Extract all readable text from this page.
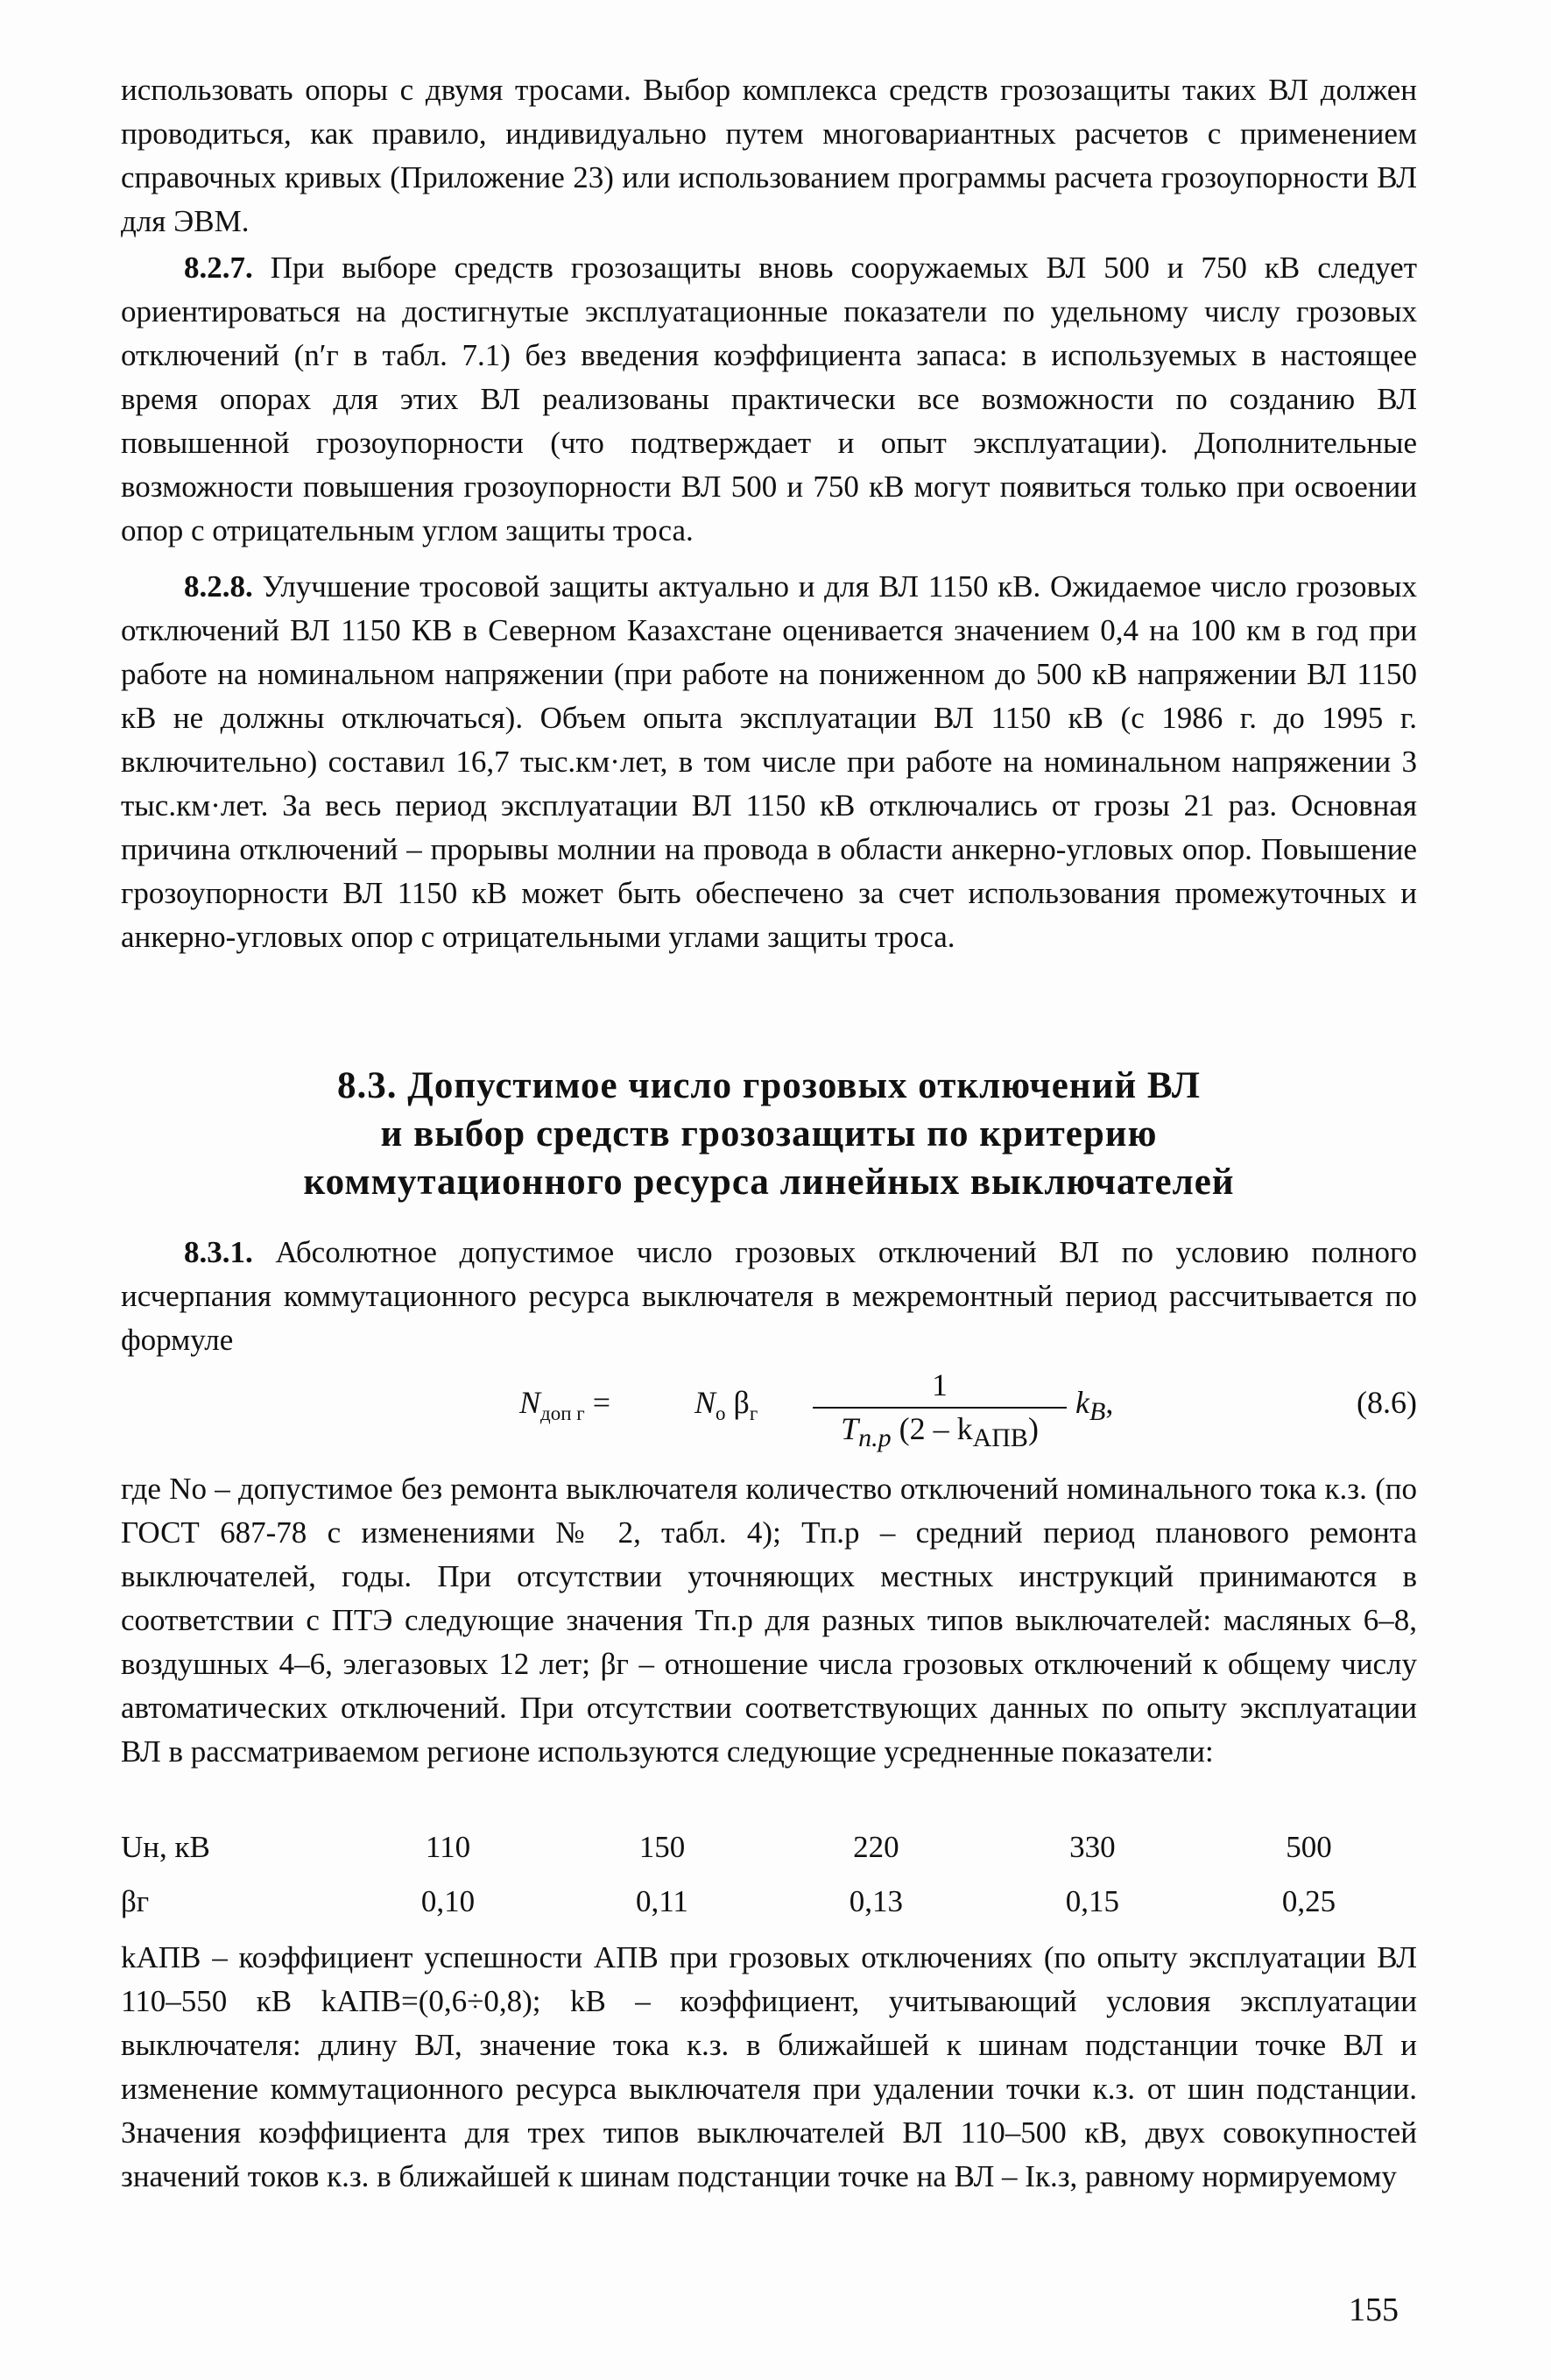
использовать опоры с двумя тросами. Выбор комплекса средств грозозащиты таких ВЛ должен проводиться, как правило, индивидуально путем многовариантных расчетов с применением справочных кривых (Приложение 23) или использованием программы расчета грозоупорности ВЛ для ЭВМ.

8.2.7. При выборе средств грозозащиты вновь сооружаемых ВЛ 500 и 750 кВ следует ориентироваться на достигнутые эксплуатационные показатели по удельному числу грозовых отключений (n′г в табл. 7.1) без введения коэффициента запаса: в используемых в настоящее время опорах для этих ВЛ реализованы практически все возможности по созданию ВЛ повышенной грозоупорности (что подтверждает и опыт эксплуатации). Дополнительные возможности повышения грозоупорности ВЛ 500 и 750 кВ могут появиться только при освоении опор с отрицательным углом защиты троса.

8.2.8. Улучшение тросовой защиты актуально и для ВЛ 1150 кВ. Ожидаемое число грозовых отключений ВЛ 1150 КВ в Северном Казахстане оценивается значением 0,4 на 100 км в год при работе на номинальном напряжении (при работе на пониженном до 500 кВ напряжении ВЛ 1150 кВ не должны отключаться). Объем опыта эксплуатации ВЛ 1150 кВ (с 1986 г. до 1995 г. включительно) составил 16,7 тыс.км·лет, в том числе при работе на номинальном напряжении 3 тыс.км·лет. За весь период эксплуатации ВЛ 1150 кВ отключались от грозы 21 раз. Основная причина отключений – прорывы молнии на провода в области анкерно-угловых опор. Повышение грозоупорности ВЛ 1150 кВ может быть обеспечено за счет использования промежуточных и анкерно-угловых опор с отрицательными углами защиты троса.

8.3. Допустимое число грозовых отключений ВЛ
и выбор средств грозозащиты по критерию
коммутационного ресурса линейных выключателей

8.3.1. Абсолютное допустимое число грозовых отключений ВЛ по условию полного исчерпания коммутационного ресурса выключателя в межремонтный период рассчитывается по формуле

$N_{доп г}$ =	$N_о$ $\beta_г$
1
$T_{п.р}$ $(2 - k_{АПВ})$
$k_В$,	(8.6)

где Nо – допустимое без ремонта выключателя количество отключений номинального тока к.з. (по ГОСТ 687-78 с изменениями № 2, табл. 4); Tп.р – средний период планового ремонта выключателей, годы. При отсутствии уточняющих местных инструкций принимаются в соответствии с ПТЭ следующие значения Tп.р для разных типов выключателей: масляных 6–8, воздушных 4–6, элегазовых 12 лет; βг – отношение числа грозовых отключений к общему числу автоматических отключений. При отсутствии соответствующих данных по опыту эксплуатации ВЛ в рассматриваемом регионе используются следующие усредненные показатели:

Uн, кВ	110	150	220	330	500
βг	0,10	0,11	0,13	0,15	0,25

kАПВ – коэффициент успешности АПВ при грозовых отключениях (по опыту эксплуатации ВЛ 110–550 кВ kАПВ=(0,6÷0,8); kВ – коэффициент, учитывающий условия эксплуатации выключателя: длину ВЛ, значение тока к.з. в ближайшей к шинам подстанции точке ВЛ и изменение коммутационного ресурса выключателя при удалении точки к.з. от шин подстанции. Значения коэффициента для трех типов выключателей ВЛ 110–500 кВ, двух совокупностей значений токов к.з. в ближайшей к шинам подстанции точке на ВЛ – Iк.з, равному нормируемому

155
